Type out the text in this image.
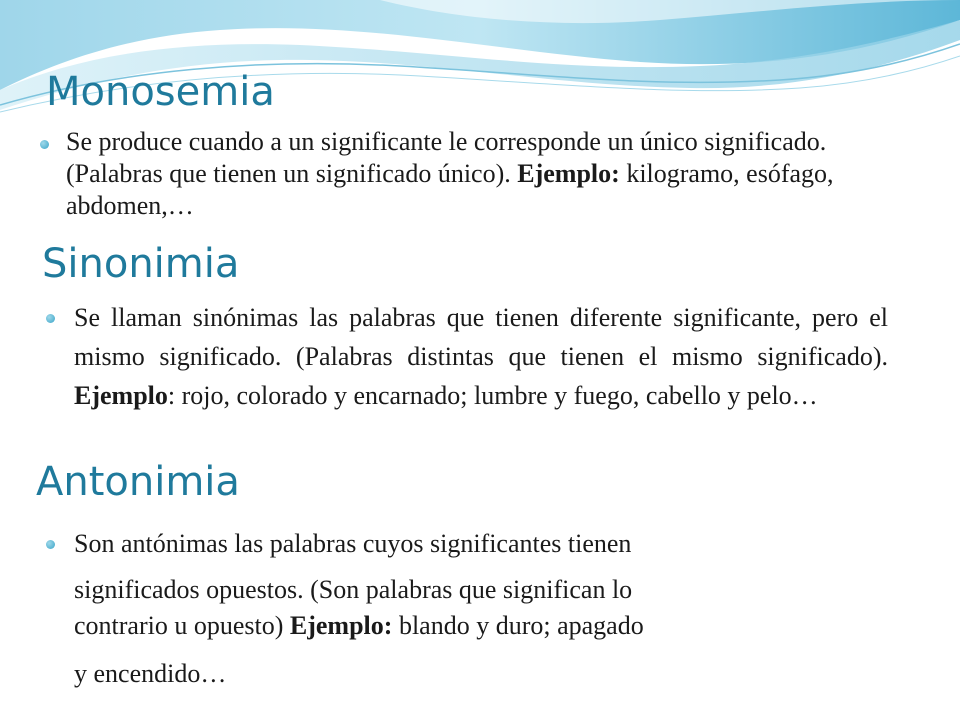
Monosemia

Se produce cuando a un significante le corresponde un único significado. (Palabras que tienen un significado único). Ejemplo: kilogramo, esófago, abdomen,…

Sinonimia

Se llaman sinónimas las palabras que tienen diferente significante, pero el mismo significado. (Palabras distintas que tienen el mismo significado). Ejemplo: rojo, colorado y encarnado; lumbre y fuego, cabello y pelo…

Antonimia
Son antónimas las palabras cuyos significantes tienen
significados opuestos. (Son palabras que significan lo
contrario u opuesto) Ejemplo: blando y duro; apagado
y encendido…
